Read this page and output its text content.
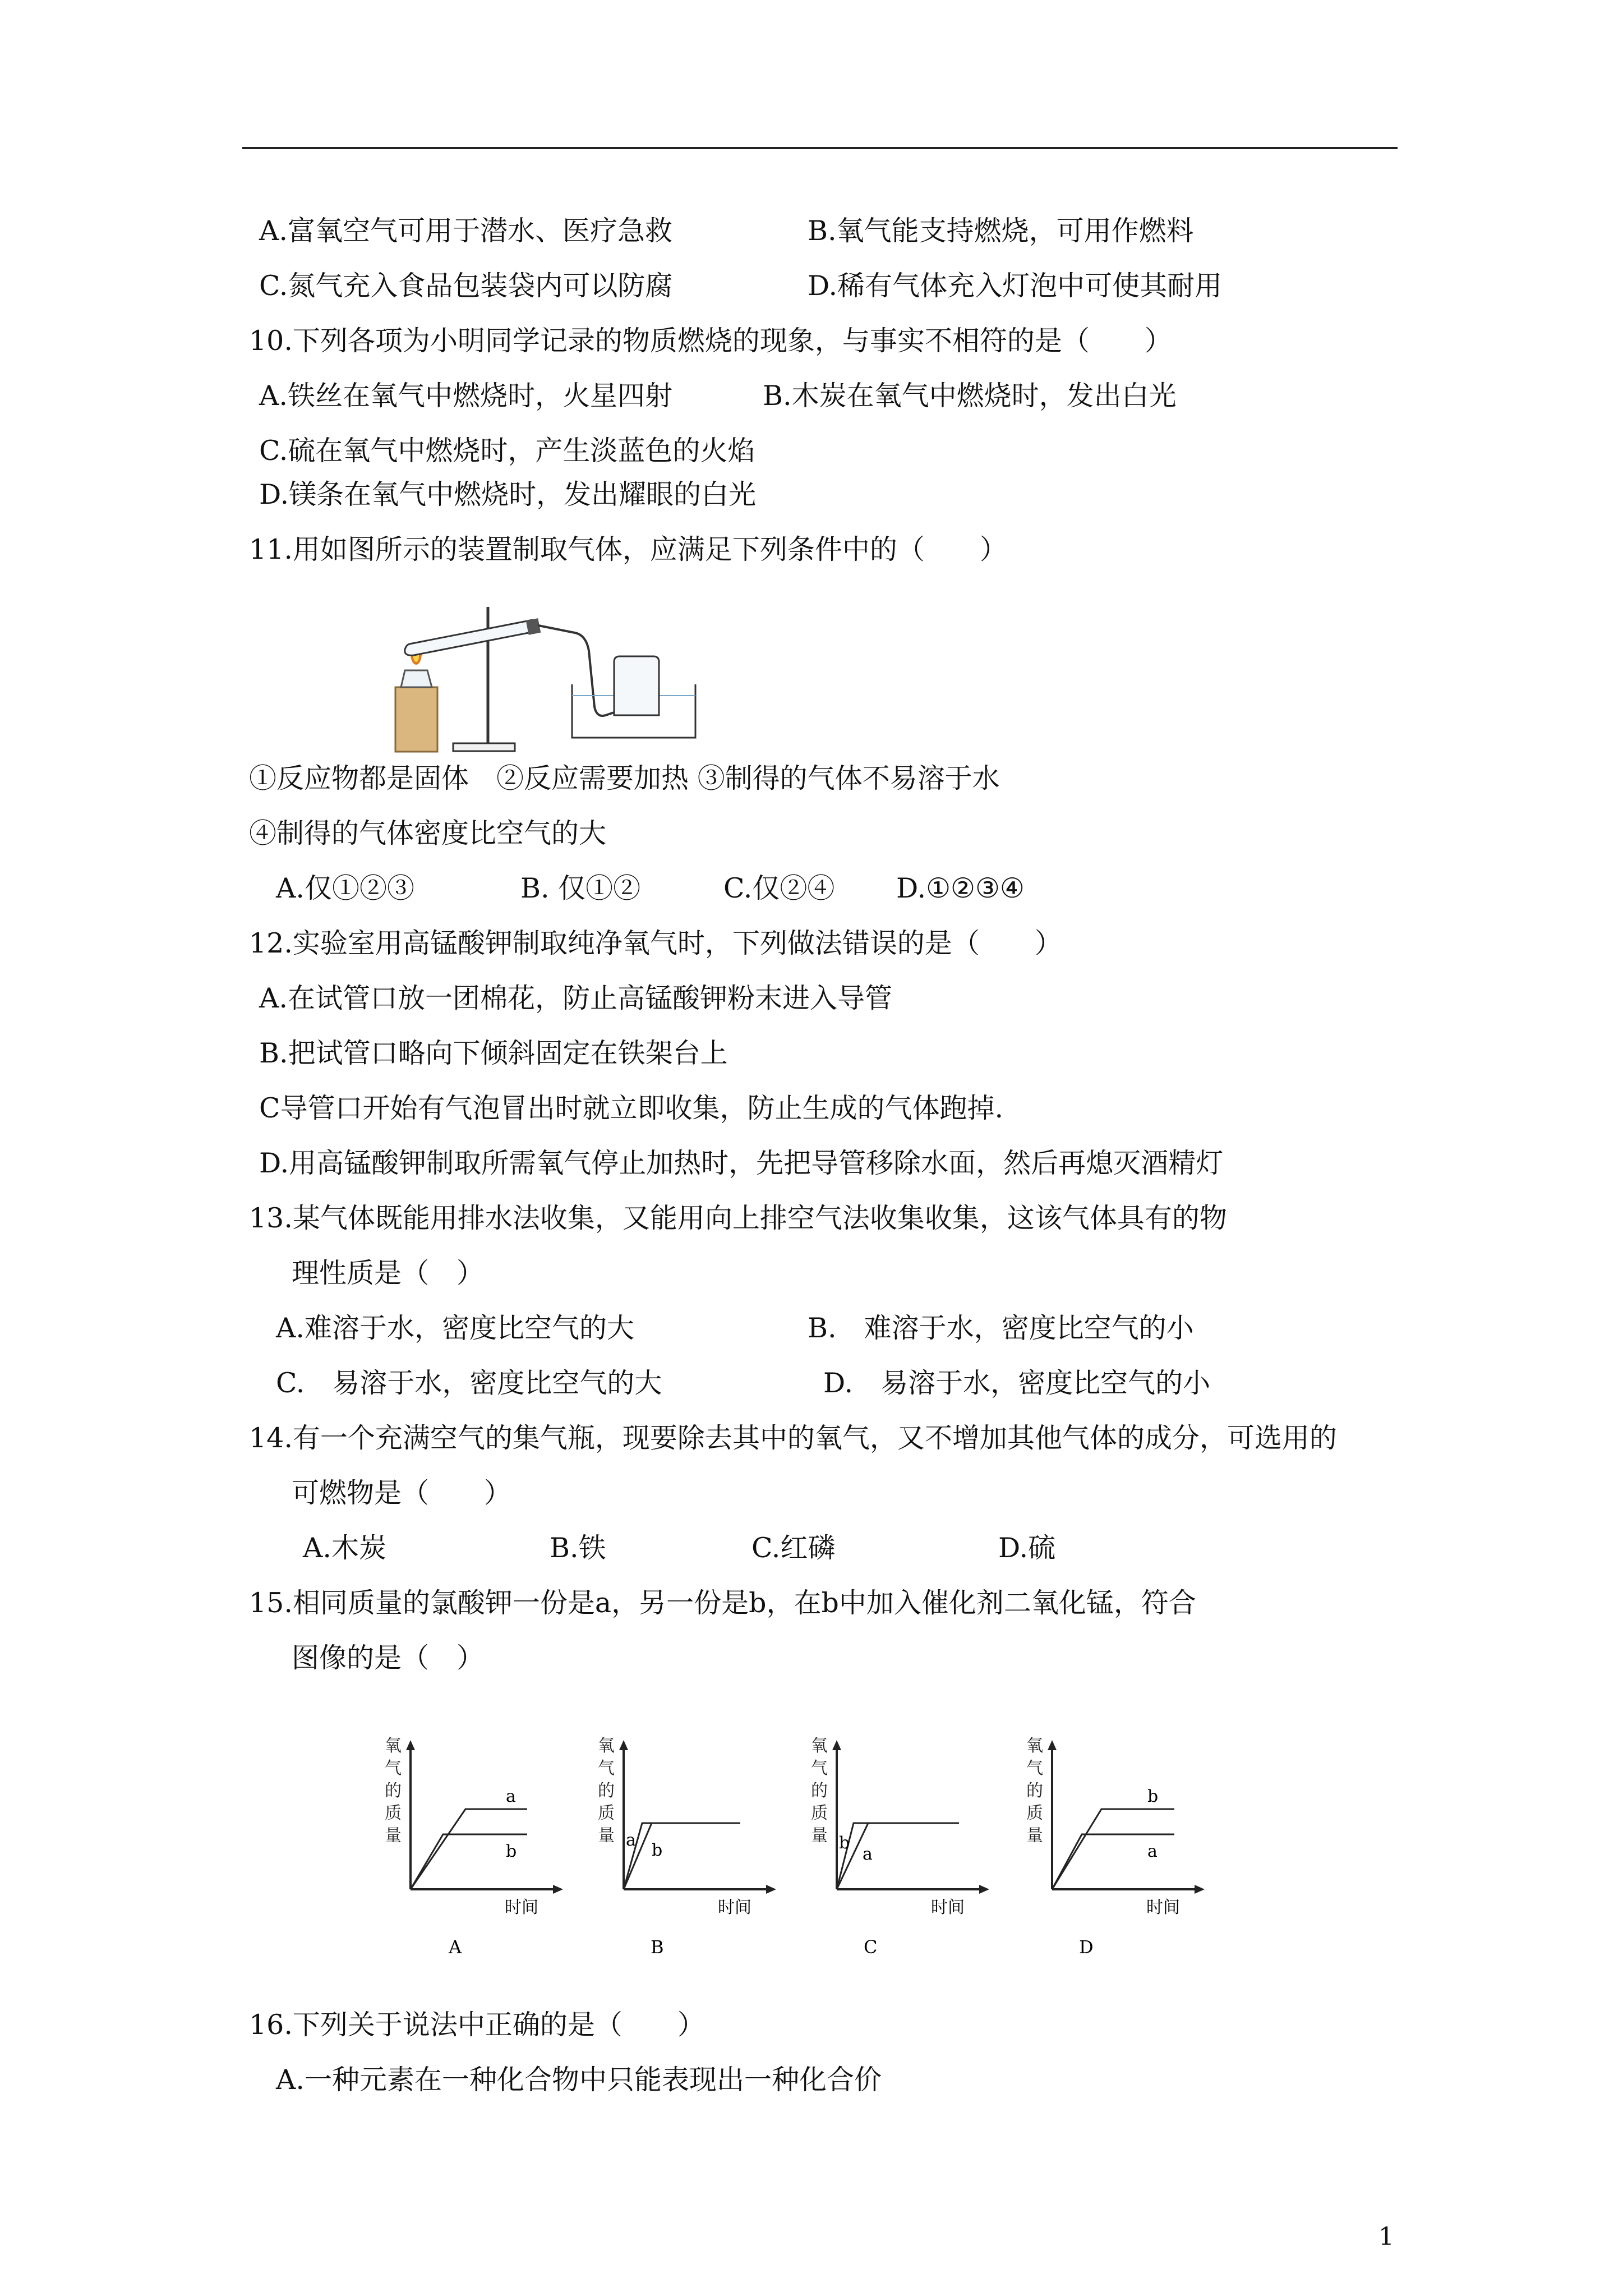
A.富氧空气可用于潜水、医疗急救	B.氧气能支持燃烧，可用作燃料
C.氮气充入食品包装袋内可以防腐	D.稀有气体充入灯泡中可使其耐用
10.下列各项为小明同学记录的物质燃烧的现象，与事实不相符的是（　　）
A.铁丝在氧气中燃烧时，火星四射	B.木炭在氧气中燃烧时，发出白光
C.硫在氧气中燃烧时，产生淡蓝色的火焰
D.镁条在氧气中燃烧时，发出耀眼的白光
11.用如图所示的装置制取气体，应满足下列条件中的（　　）
①反应物都是固体　②反应需要加热 ③制得的气体不易溶于水
④制得的气体密度比空气的大
A.仅①②③	B. 仅①②	C.仅②④ D.①②③④
12.实验室用高锰酸钾制取纯净氧气时，下列做法错误的是（　　）
A.在试管口放一团棉花，防止高锰酸钾粉末进入导管
B.把试管口略向下倾斜固定在铁架台上
C导管口开始有气泡冒出时就立即收集，防止生成的气体跑掉.
D.用高锰酸钾制取所需氧气停止加热时，先把导管移除水面，然后再熄灭酒精灯
13.某气体既能用排水法收集，又能用向上排空气法收集收集，这该气体具有的物
理性质是（　）
A.难溶于水，密度比空气的大	B.　难溶于水，密度比空气的小
C.　易溶于水，密度比空气的大	D.　易溶于水，密度比空气的小
14.有一个充满空气的集气瓶，现要除去其中的氧气，又不增加其他气体的成分，可选用的
可燃物是（　　）
A.木炭	B.铁	C.红磷	D.硫
15.相同质量的氯酸钾一份是a，另一份是b，在b中加入催化剂二氧化锰，符合
图像的是（　）
氧
气
的
质
量
a
b
时间
A
氧
气
的
质
量 a
b
时间
B
氧
气
的
质
量 b
a
时间
C
氧
气
的
质
量
b
a
时间
D
16.下列关于说法中正确的是（　　）
A.一种元素在一种化合物中只能表现出一种化合价
1
